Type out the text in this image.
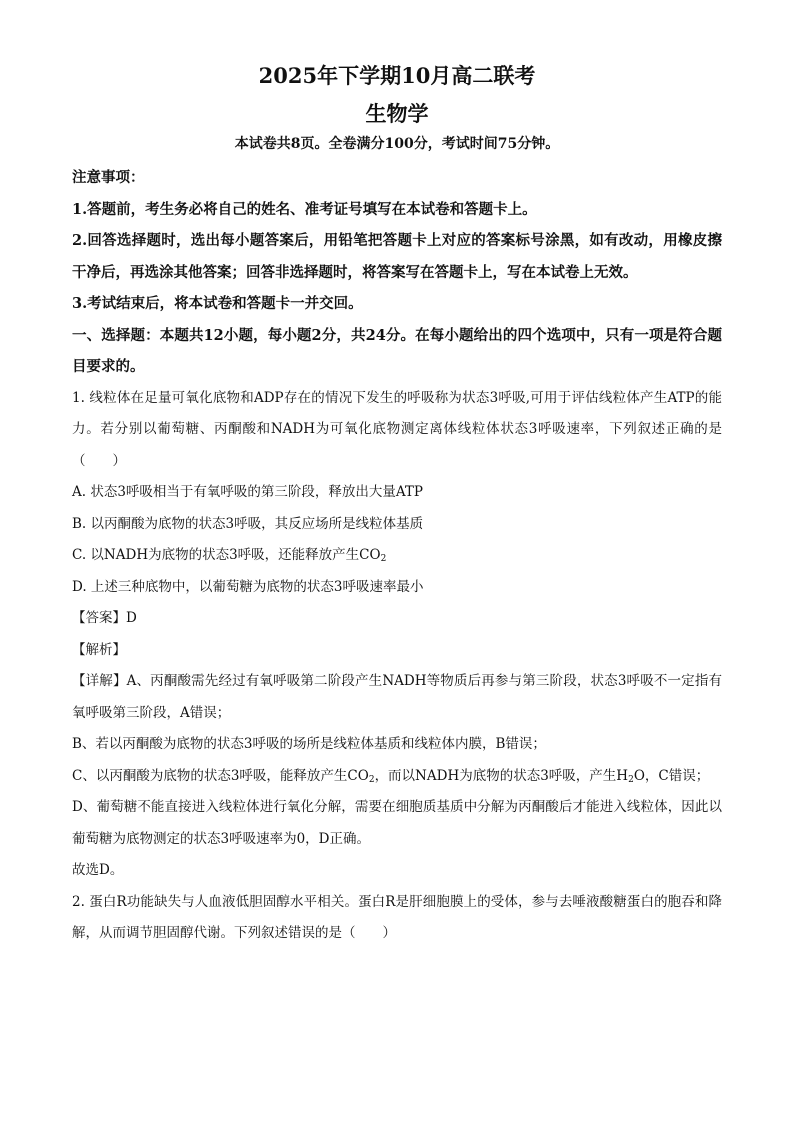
2025年下学期10月高二联考

生物学

本试卷共8页。全卷满分100分，考试时间75分钟。

注意事项：

1.答题前，考生务必将自己的姓名、准考证号填写在本试卷和答题卡上。

2.回答选择题时，选出每小题答案后，用铅笔把答题卡上对应的答案标号涂黑，如有改动，用橡皮擦干净后，再选涂其他答案；回答非选择题时，将答案写在答题卡上，写在本试卷上无效。

3.考试结束后，将本试卷和答题卡一并交回。

一、选择题：本题共12小题，每小题2分，共24分。在每小题给出的四个选项中，只有一项是符合题目要求的。

1. 线粒体在足量可氧化底物和ADP存在的情况下发生的呼吸称为状态3呼吸,可用于评估线粒体产生ATP的能力。若分别以葡萄糖、丙酮酸和NADH为可氧化底物测定离体线粒体状态3呼吸速率，下列叙述正确的是（　　）

A. 状态3呼吸相当于有氧呼吸的第三阶段，释放出大量ATP

B. 以丙酮酸为底物的状态3呼吸，其反应场所是线粒体基质

C. 以NADH为底物的状态3呼吸，还能释放产生$CO_2$

D. 上述三种底物中，以葡萄糖为底物的状态3呼吸速率最小

【答案】D

【解析】

【详解】A、丙酮酸需先经过有氧呼吸第二阶段产生NADH等物质后再参与第三阶段，状态3呼吸不一定指有氧呼吸第三阶段，A错误；

B、若以丙酮酸为底物的状态3呼吸的场所是线粒体基质和线粒体内膜，B错误；

C、以丙酮酸为底物的状态3呼吸，能释放产生$CO_2$，而以NADH为底物的状态3呼吸，产生$H_2O$，C错误；

D、葡萄糖不能直接进入线粒体进行氧化分解，需要在细胞质基质中分解为丙酮酸后才能进入线粒体，因此以葡萄糖为底物测定的状态3呼吸速率为0，D正确。

故选D。

2. 蛋白R功能缺失与人血液低胆固醇水平相关。蛋白R是肝细胞膜上的受体，参与去唾液酸糖蛋白的胞吞和降解，从而调节胆固醇代谢。下列叙述错误的是（　　）
